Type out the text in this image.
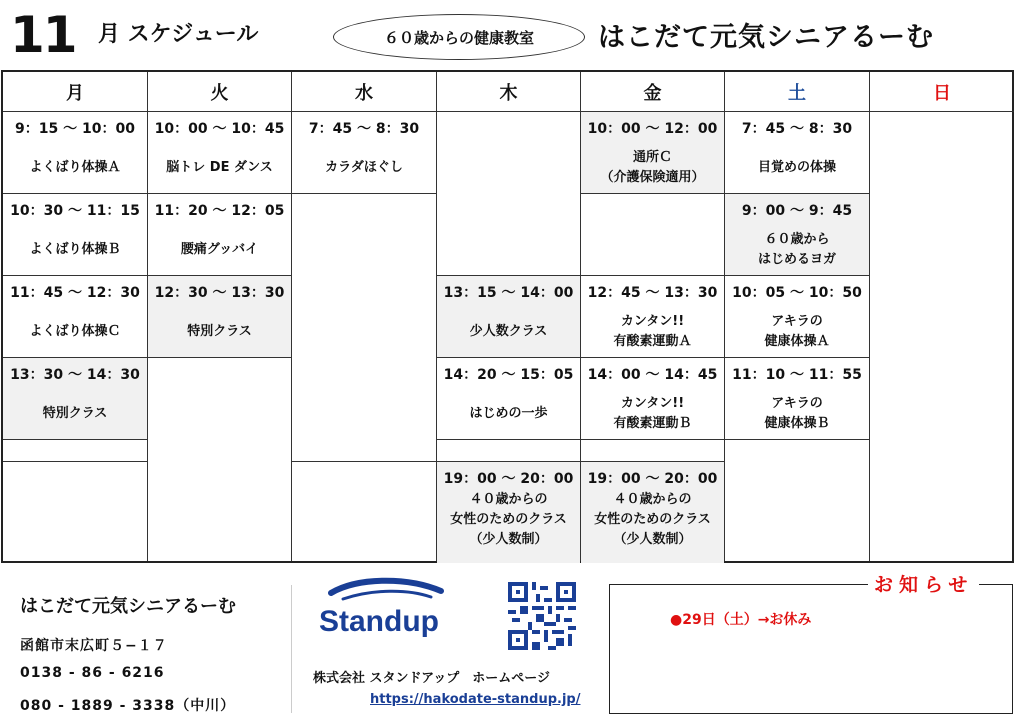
11 月 スケジュール	６０歳からの健康教室 はこだて元気シニアるーむ
月
9：15 〜 10：00
よくばり体操Ａ
10：30 〜 11：15
よくばり体操Ｂ
11：45 〜 12：30
よくばり体操Ｃ
13：30 〜 14：30
特別クラス
火
10：00 〜 10：45
脳トレ DE ダンス
11：20 〜 12：05
腰痛グッバイ
12：30 〜 13：30
特別クラス
水
7：45 〜 8：30
カラダほぐし
木
13：15 〜 14：00
少人数クラス
14：20 〜 15：05
はじめの一歩
19：00 〜 20：00
４０歳からの
女性のためのクラス
（少人数制）
金
10：00 〜 12：00
通所Ｃ
（介護保険適用）
12：45 〜 13：30
カンタン!!
有酸素運動Ａ
14：00 〜 14：45
カンタン!!
有酸素運動Ｂ
19：00 〜 20：00
４０歳からの
女性のためのクラス
（少人数制）
土
7：45 〜 8：30
目覚めの体操
9：00 〜 9：45
６０歳から
はじめるヨガ
10：05 〜 10：50
アキラの
健康体操Ａ
11：10 〜 11：55
アキラの
健康体操Ｂ
日
はこだて元気シニアるーむ
函館市末広町５−１７
0138 - 86 - 6216
080 - 1889 - 3338（中川）
Standup
株式会社 スタンドアップ　ホームページ
https://hakodate-standup.jp/
お知らせ
●29日（土）→お休み
